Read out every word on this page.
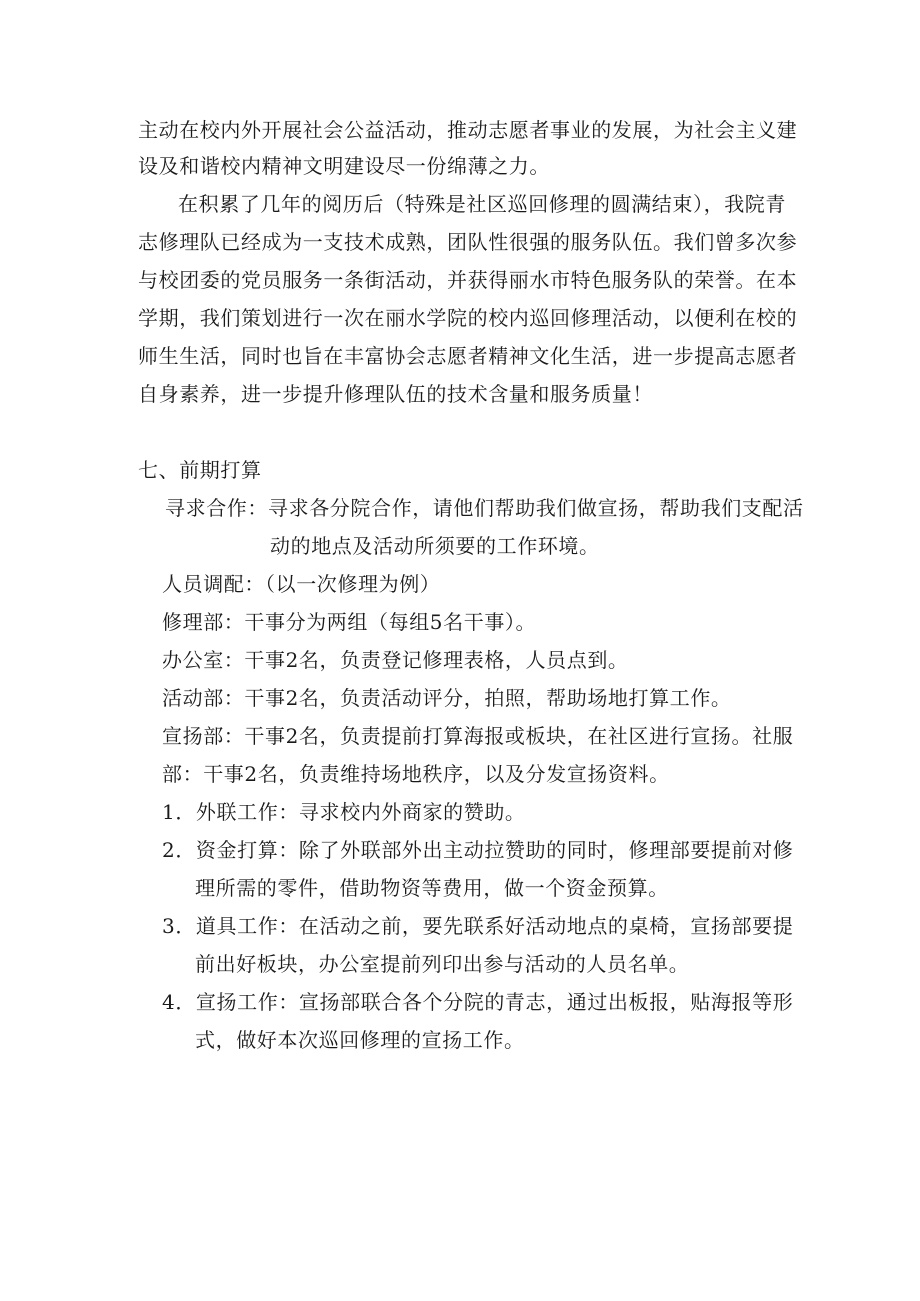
主动在校内外开展社会公益活动，推动志愿者事业的发展，为社会主义建
设及和谐校内精神文明建设尽一份绵薄之力。
在积累了几年的阅历后（特殊是社区巡回修理的圆满结束），我院青
志修理队已经成为一支技术成熟，团队性很强的服务队伍。我们曾多次参
与校团委的党员服务一条街活动，并获得丽水市特色服务队的荣誉。在本
学期，我们策划进行一次在丽水学院的校内巡回修理活动，以便利在校的
师生生活，同时也旨在丰富协会志愿者精神文化生活，进一步提高志愿者
自身素养，进一步提升修理队伍的技术含量和服务质量！
七、前期打算
寻求合作：寻求各分院合作，请他们帮助我们做宣扬，帮助我们支配活
动的地点及活动所须要的工作环境。
人员调配：（以一次修理为例）
修理部：干事分为两组（每组5名干事）。
办公室：干事2名，负责登记修理表格，人员点到。
活动部：干事2名，负责活动评分，拍照，帮助场地打算工作。
宣扬部：干事2名，负责提前打算海报或板块，在社区进行宣扬。社服
部：干事2名，负责维持场地秩序，以及分发宣扬资料。
1．外联工作：寻求校内外商家的赞助。
2．资金打算：除了外联部外出主动拉赞助的同时，修理部要提前对修
理所需的零件，借助物资等费用，做一个资金预算。
3．道具工作：在活动之前，要先联系好活动地点的桌椅，宣扬部要提
前出好板块，办公室提前列印出参与活动的人员名单。
4．宣扬工作：宣扬部联合各个分院的青志，通过出板报，贴海报等形
式，做好本次巡回修理的宣扬工作。
